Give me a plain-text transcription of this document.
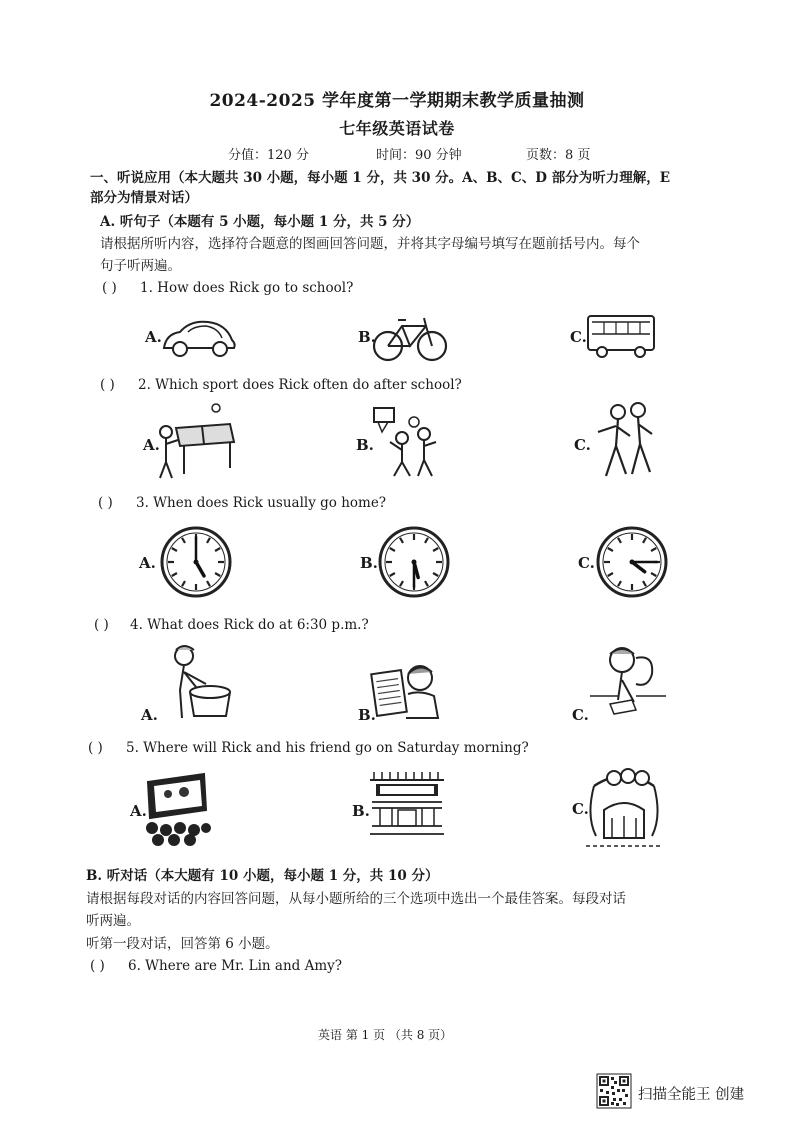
2024-2025 学年度第一学期期末教学质量抽测
七年级英语试卷
分值：120 分	时间：90 分钟	页数：8 页
一、听说应用（本大题共 30 小题，每小题 1 分，共 30 分。A、B、C、D 部分为听力理解，E
部分为情景对话）
A. 听句子（本题有 5 小题，每小题 1 分，共 5 分）
请根据所听内容，选择符合题意的图画回答问题，并将其字母编号填写在题前括号内。每个
句子听两遍。
( ) 1. How does Rick go to school?
A.	B.	C.
( ) 2. Which sport does Rick often do after school?
A.	B.	C.
( ) 3. When does Rick usually go home?
A.	B.	C.
( ) 4. What does Rick do at 6:30 p.m.?
A.	B.	C.
( ) 5. Where will Rick and his friend go on Saturday morning?
A.	B.	C.
B. 听对话（本大题有 10 小题，每小题 1 分，共 10 分）
请根据每段对话的内容回答问题，从每小题所给的三个选项中选出一个最佳答案。每段对话
听两遍。
听第一段对话，回答第 6 小题。
( ) 6. Where are Mr. Lin and Amy?
英语 第 1 页 （共 8 页）
扫描全能王 创建
